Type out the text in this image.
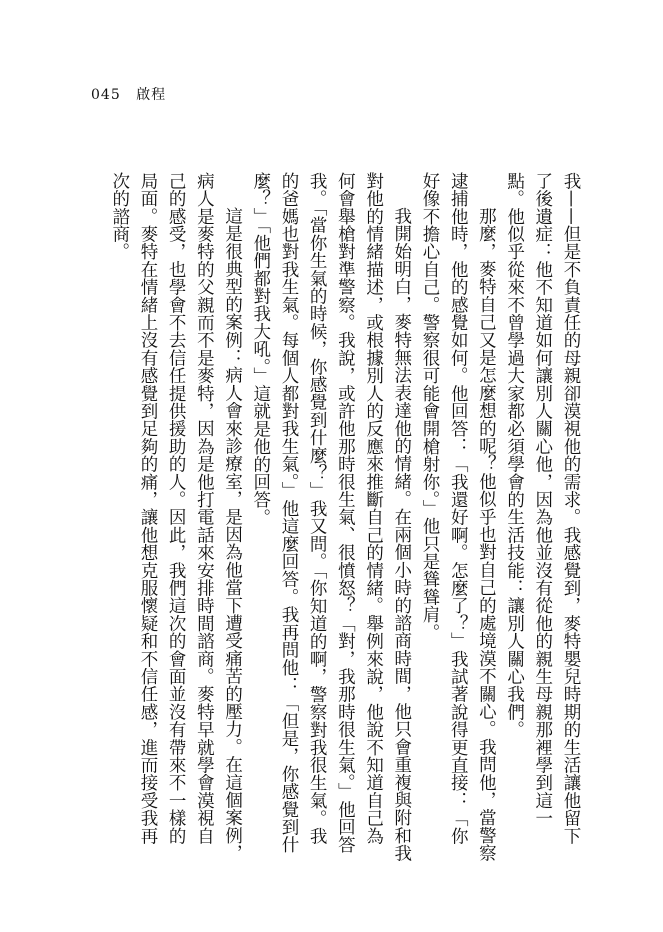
045 啟程

我——但是不負責任的母親卻漠視他的需求。我感覺到，麥特嬰兒時期的生活讓他留下了後遺症：他不知道如何讓別人關心他，因為他並沒有從他的親生母親那裡學到這一點。他似乎從來不曾學過大家都必須學會的生活技能：讓別人關心我們。

那麼，麥特自己又是怎麼想的呢？他似乎也對自己的處境漠不關心。我問他，當警察逮捕他時，他的感覺如何。他回答：「我還好啊。怎麼了？」我試著說得更直接：「你好像不擔心自己。警察很可能會開槍射你。」他只是聳聳肩。

我開始明白，麥特無法表達他的情緒。在兩個小時的諮商時間，他只會重複與附和我對他的情緒描述，或根據別人的反應來推斷自己的情緒。舉例來說，他說不知道自己為何會舉槍對準警察。我說，或許他那時很生氣、很憤怒？「對，我那時很生氣。」他回答我。「當你生氣的時候，你感覺到什麼？」我又問。「你知道的啊，警察對我很生氣。我的爸媽也對我生氣。每個人都對我生氣。」他這麼回答。我再問他：「但是，你感覺到什麼？」「他們都對我大吼。」這就是他的回答。

這是很典型的案例：病人會來診療室，是因為他當下遭受痛苦的壓力。在這個案例，病人是麥特的父親而不是麥特，因為是他打電話來安排時間諮商。麥特早就學會漠視自己的感受，也學會不去信任提供援助的人。因此，我們這次的會面並沒有帶來不一樣的局面。麥特在情緒上沒有感覺到足夠的痛，讓他想克服懷疑和不信任感，進而接受我再次的諮商。
